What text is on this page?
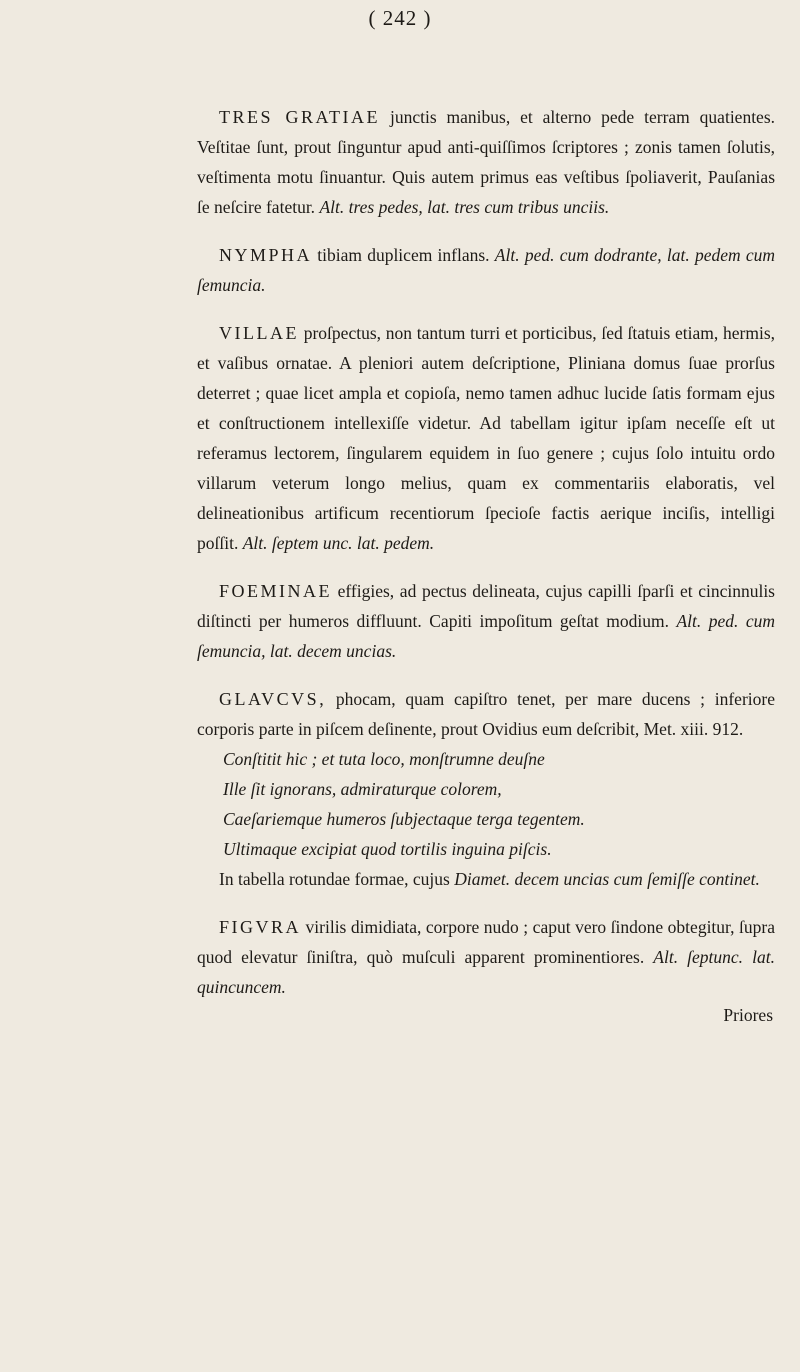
( 242 )

TRES GRATIAE junctis manibus, et alterno pede terram quatientes. Veſtitae ſunt, prout ſinguntur apud anti-quiſſimos ſcriptores ; zonis tamen ſolutis, veſtimenta motu ſinuantur. Quis autem primus eas veſtibus ſpoliaverit, Pauſanias ſe neſcire fatetur. Alt. tres pedes, lat. tres cum tribus unciis.

NYMPHA tibiam duplicem inflans. Alt. ped. cum dodrante, lat. pedem cum ſemuncia.

VILLAE proſpectus, non tantum turri et porticibus, ſed ſtatuis etiam, hermis, et vaſibus ornatae. A pleniori autem deſcriptione, Pliniana domus ſuae prorſus deterret ; quae licet ampla et copioſa, nemo tamen adhuc lucide ſatis formam ejus et conſtructionem intellexiſſe videtur. Ad tabellam igitur ipſam neceſſe eſt ut referamus lectorem, ſingularem equidem in ſuo genere ; cujus ſolo intuitu ordo villarum veterum longo melius, quam ex commentariis elaboratis, vel delineationibus artificum recentiorum ſpecioſe factis aerique inciſis, intelligi poſſit. Alt. ſeptem unc. lat. pedem.

FOEMINAE effigies, ad pectus delineata, cujus capilli ſparſi et cincinnulis diſtincti per humeros diffluunt. Capiti impoſitum geſtat modium. Alt. ped. cum ſemuncia, lat. decem uncias.

GLAVCVS, phocam, quam capiſtro tenet, per mare ducens ; inferiore corporis parte in piſcem deſinente, prout Ovidius eum deſcribit, Met. xiii. 912.

Conſtitit hic ; et tuta loco, monſtrumne deuſne
Ille ſit ignorans, admiraturque colorem,
Caeſariemque humeros ſubjectaque terga tegentem.
Ultimaque excipiat quod tortilis inguina piſcis.

In tabella rotundae formae, cujus Diamet. decem uncias cum ſemiſſe continet.

FIGVRA virilis dimidiata, corpore nudo ; caput vero ſindone obtegitur, ſupra quod elevatur ſiniſtra, quò muſculi apparent prominentiores. Alt. ſeptunc. lat. quincuncem.

Priores
